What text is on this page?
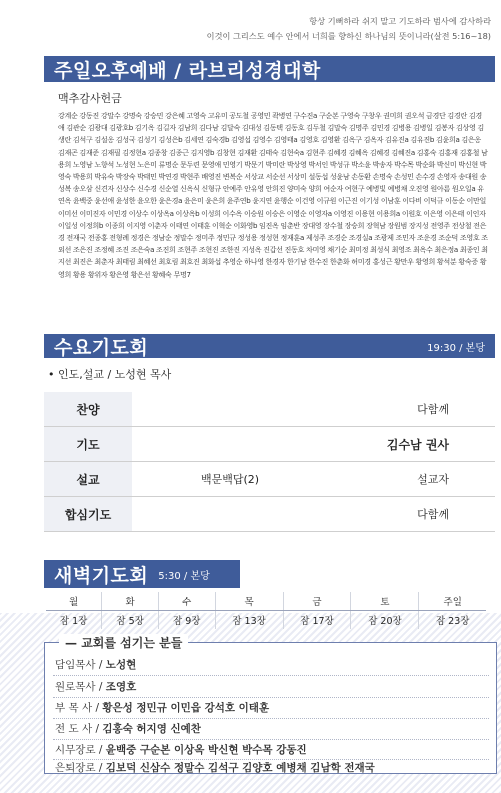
항상 기뻐하라 쉬지 말고 기도하라 범사에 감사하라
이것이 그리스도 예수 안에서 너희를 향하신 하나님의 뜻이니라(살전 5:16~18)
주일오후예배 / 라브리성경대학
맥추감사헌금
강계순 강동진 강말수 강명숙 강승민 강은혜 고영숙 고유미 공도철 공영민 곽병연 구수진a 구순본 구영숙 구창우 권미희 권오석 금경단 김경란 김경애 김관순 김광대 김광호b 김기옥 김길자 김남희 김다남 김달숙 김대성 김동택 김동호 김두철 김말숙 김명주 김민경 김병용 김병일 김봉자 김상영 김생란 김석구 김설옹 김성국 김성기 김성은b 김세연 김숙경b 김영섭 김영수 김영태a 김영호 김영환 김옥구 김옥자 김유진a 김유진b 김윤희a 김은옹 김재곤 김재준 김재필 김정현a 김종창 김종근 김지영b 김창현 김재환 김태숙 김현숙a 김현주 김혜경 김혜옥 김혜경 김혜진a 김홍숙 김홍재 김홍철 남용희 노영남 노향석 노성현 노은미 류명순 문두련 문영애 민영기 박문기 박미란 박상영 박서인 박성규 박소윤 박송자 박수목 박순화 박신미 박신현 박영숙 박용희 박유숙 박장숙 박태민 박연경 박현주 배영진 변복순 서상교 서순선 서상미 설동섭 성윤남 손동환 손명숙 손성민 손수경 손영자 송대원 송성복 송오삼 신견자 신상수 신수경 신순열 신옥식 신형규 안예주 안유영 안희진 양미숙 양희 여순자 여현구 예병빛 예병채 오진영 원아름 원오일a 유연옥 윤백중 윤선애 윤성한 윤오한 윤은경a 윤은미 윤은희 윤주연b 윤지연 윤행순 이건영 이규원 이근진 이기성 이남훈 이다비 이덕규 이동순 이만일 이미선 이미진자 이민경 이상수 이상옥a 이상옥b 이성희 이수옥 이승원 이승은 이영순 이영자a 이영진 이용현 이용희a 이원호 이은영 이은태 이인자 이일성 이정희b 이종희 이지영 이춘자 이태연 이태훈 이혁순 이화영b 임진옥 임춘반 장대영 장수철 장승희 장혁남 장원범 장지성 전영주 전상철 전은경 전재국 전종홍 전형례 정경은 정남순 정말수 정미주 정민규 정성용 정성현 정재훈a 제성주 조경순 조경실a 조광제 조민자 조운경 조순덕 조영호 조외선 조은진 조정혜 조진 조은숙a 조진희 조현주 조현진 조한진 지성옥 진갑선 진동호 차미영 채기순 최미정 최성식 최영조 최옥수 최은정a 최종인 최지선 최진은 최춘자 최태림 최혜선 최호림 최호진 최화섭 추영순 하나영 한경자 한기남 한수진 한춘화 허미경 홍성근 황만우 황영희 황석분 황숙증 황영희 황용 황위자 황은영 황은선 황혜숙 무명7
수요기도회	19:30 / 본당
• 인도,설교 / 노성현 목사
찬양		다함께
기도		김수남 권사
설교	백문백답(2)	설교자
합심기도		다함께
새벽기도회	5:30 / 본당
월	화	수	목	금	토	주일
잠 1장	잠 5장	잠 9장	잠 13장	잠 17장	잠 20장	잠 23장
— 교회를 섬기는 분들
담임목사 / 노성현
원로목사 / 조영호
부 목 사 / 황은성 정민규 이민읍 강석호 이태훈
전 도 사 / 김홍숙 허지영 신예찬
시무장로 / 윤백중 구순본 이상옥 박신현 박수목 강동진
은퇴장로 / 김보덕 신삼수 정말수 김석구 김양호 예병채 김남학 전재국
